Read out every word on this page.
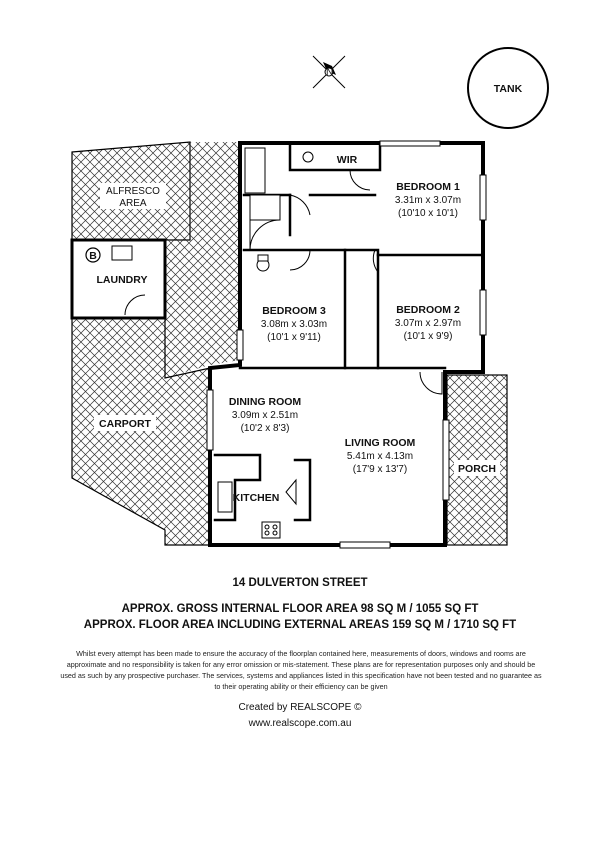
N
TANK
B
WIR
BEDROOM 1
3.31m x 3.07m
(10'10 x 10'1)
BEDROOM 2
3.07m x 2.97m
(10'1 x 9'9)
BEDROOM 3
3.08m x 3.03m
(10'1 x 9'11)
DINING ROOM
3.09m x 2.51m
(10'2 x 8'3)
LIVING ROOM
5.41m x 4.13m
(17'9 x 13'7)
KITCHEN
LAUNDRY
ALFRESCO
AREA
CARPORT
PORCH
14 DULVERTON STREET
APPROX. GROSS INTERNAL FLOOR AREA 98 SQ M / 1055 SQ FT
APPROX. FLOOR AREA INCLUDING EXTERNAL AREAS 159 SQ M / 1710 SQ FT
Whilst every attempt has been made to ensure the accuracy of the floorplan contained here, measurements of doors, windows and rooms are approximate and no responsibility is taken for any error omission or mis-statement. These plans are for representation purposes only and should be used as such by any prospective purchaser. The services, systems and appliances listed in this specification have not been tested and no guarantee as to their operating ability or their efficiency can be given
Created by REALSCOPE ©
www.realscope.com.au
